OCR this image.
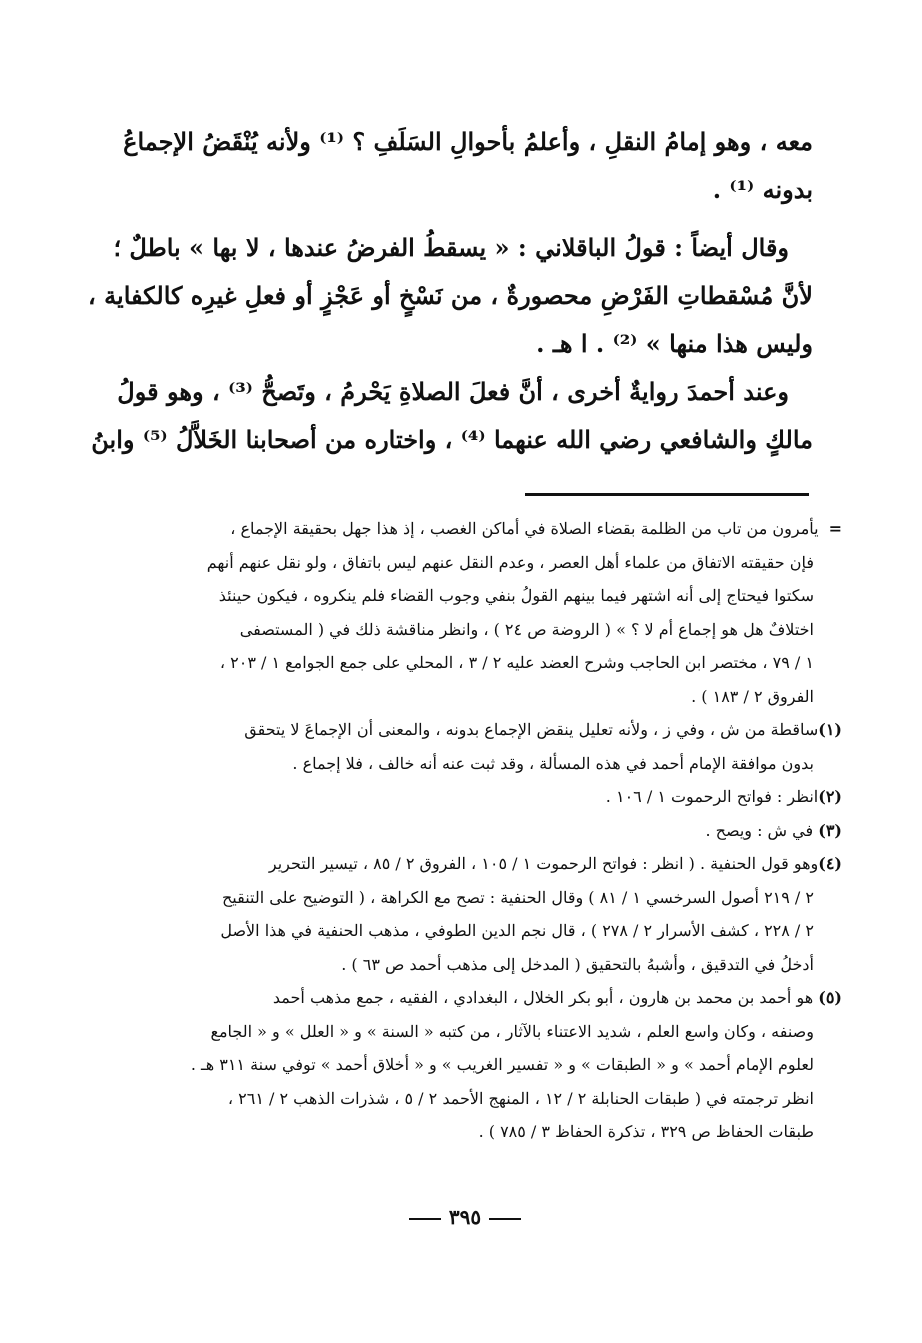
معه ، وهو إمامُ النقلِ ، وأعلمُ بأحوالِ السَلَفِ ؟ ⁽¹⁾ ولأنه يُنْقَضُ الإجماعُ
بدونه ⁽¹⁾ .
وقال أيضاً : قولُ الباقلاني : « يسقطُ الفرضُ عندها ، لا بها » باطلٌ ؛
لأنَّ مُسْقطاتِ الفَرْضِ محصورةٌ ، من نَسْخٍ أو عَجْزٍ أو فعلِ غيرِه كالكفاية ،
وليس هذا منها » ⁽²⁾ . ا هـ .
وعند أحمدَ روايةٌ أخرى ، أنَّ فعلَ الصلاةِ يَحْرمُ ، وتَصحُّ ⁽³⁾ ، وهو قولُ
مالكٍ والشافعي رضي الله عنهما ⁽⁴⁾ ، واختاره من أصحابنا الخَلاَّلُ ⁽⁵⁾ وابنُ
=يأمرون من تاب من الظلمة بقضاء الصلاة في أماكن الغصب ، إذ هذا جهل بحقيقة الإجماع ،
فإن حقيقته الاتفاق من علماء أهل العصر ، وعدم النقل عنهم ليس باتفاق ، ولو نقل عنهم أنهم
سكتوا فيحتاج إلى أنه اشتهر فيما بينهم القولُ بنفي وجوب القضاء فلم ينكروه ، فيكون حينئذ
اختلافٌ هل هو إجماع أم لا ؟ » ( الروضة ص ٢٤ ) ، وانظر مناقشة ذلك في ( المستصفى
١ / ٧٩ ، مختصر ابن الحاجب وشرح العضد عليه ٢ / ٣ ، المحلي على جمع الجوامع ١ / ٢٠٣ ،
الفروق ٢ / ١٨٣ ) .
(١)ساقطة من ش ، وفي ز ، ولأنه تعليل ينقض الإجماع بدونه ، والمعنى أن الإجماعَ لا يتحقق
بدون موافقة الإمام أحمد في هذه المسألة ، وقد ثبت عنه أنه خالف ، فلا إجماع .
(٢)انظر : فواتح الرحموت ١ / ١٠٦ .
(٣) في ش : ويصح .
(٤)وهو قول الحنفية . ( انظر : فواتح الرحموت ١ / ١٠٥ ، الفروق ٢ / ٨٥ ، تيسير التحرير
٢ / ٢١٩ أصول السرخسي ١ / ٨١ ) وقال الحنفية : تصح مع الكراهة ، ( التوضيح على التنقيح
٢ / ٢٢٨ ، كشف الأسرار ٢ / ٢٧٨ ) ، قال نجم الدين الطوفي ، مذهب الحنفية في هذا الأصل
أدخلُ في التدقيق ، وأشبهُ بالتحقيق ( المدخل إلى مذهب أحمد ص ٦٣ ) .
(٥) هو أحمد بن محمد بن هارون ، أبو بكر الخلال ، البغدادي ، الفقيه ، جمع مذهب أحمد
وصنفه ، وكان واسع العلم ، شديد الاعتناء بالآثار ، من كتبه « السنة » و « العلل » و « الجامع
لعلوم الإمام أحمد » و « الطبقات » و « تفسير الغريب » و « أخلاق أحمد » توفي سنة ٣١١ هـ .
انظر ترجمته في ( طبقات الحنابلة ٢ / ١٢ ، المنهج الأحمد ٢ / ٥ ، شذرات الذهب ٢ / ٢٦١ ،
طبقات الحفاظ ص ٣٢٩ ، تذكرة الحفاظ ٣ / ٧٨٥ ) .
٣٩٥
